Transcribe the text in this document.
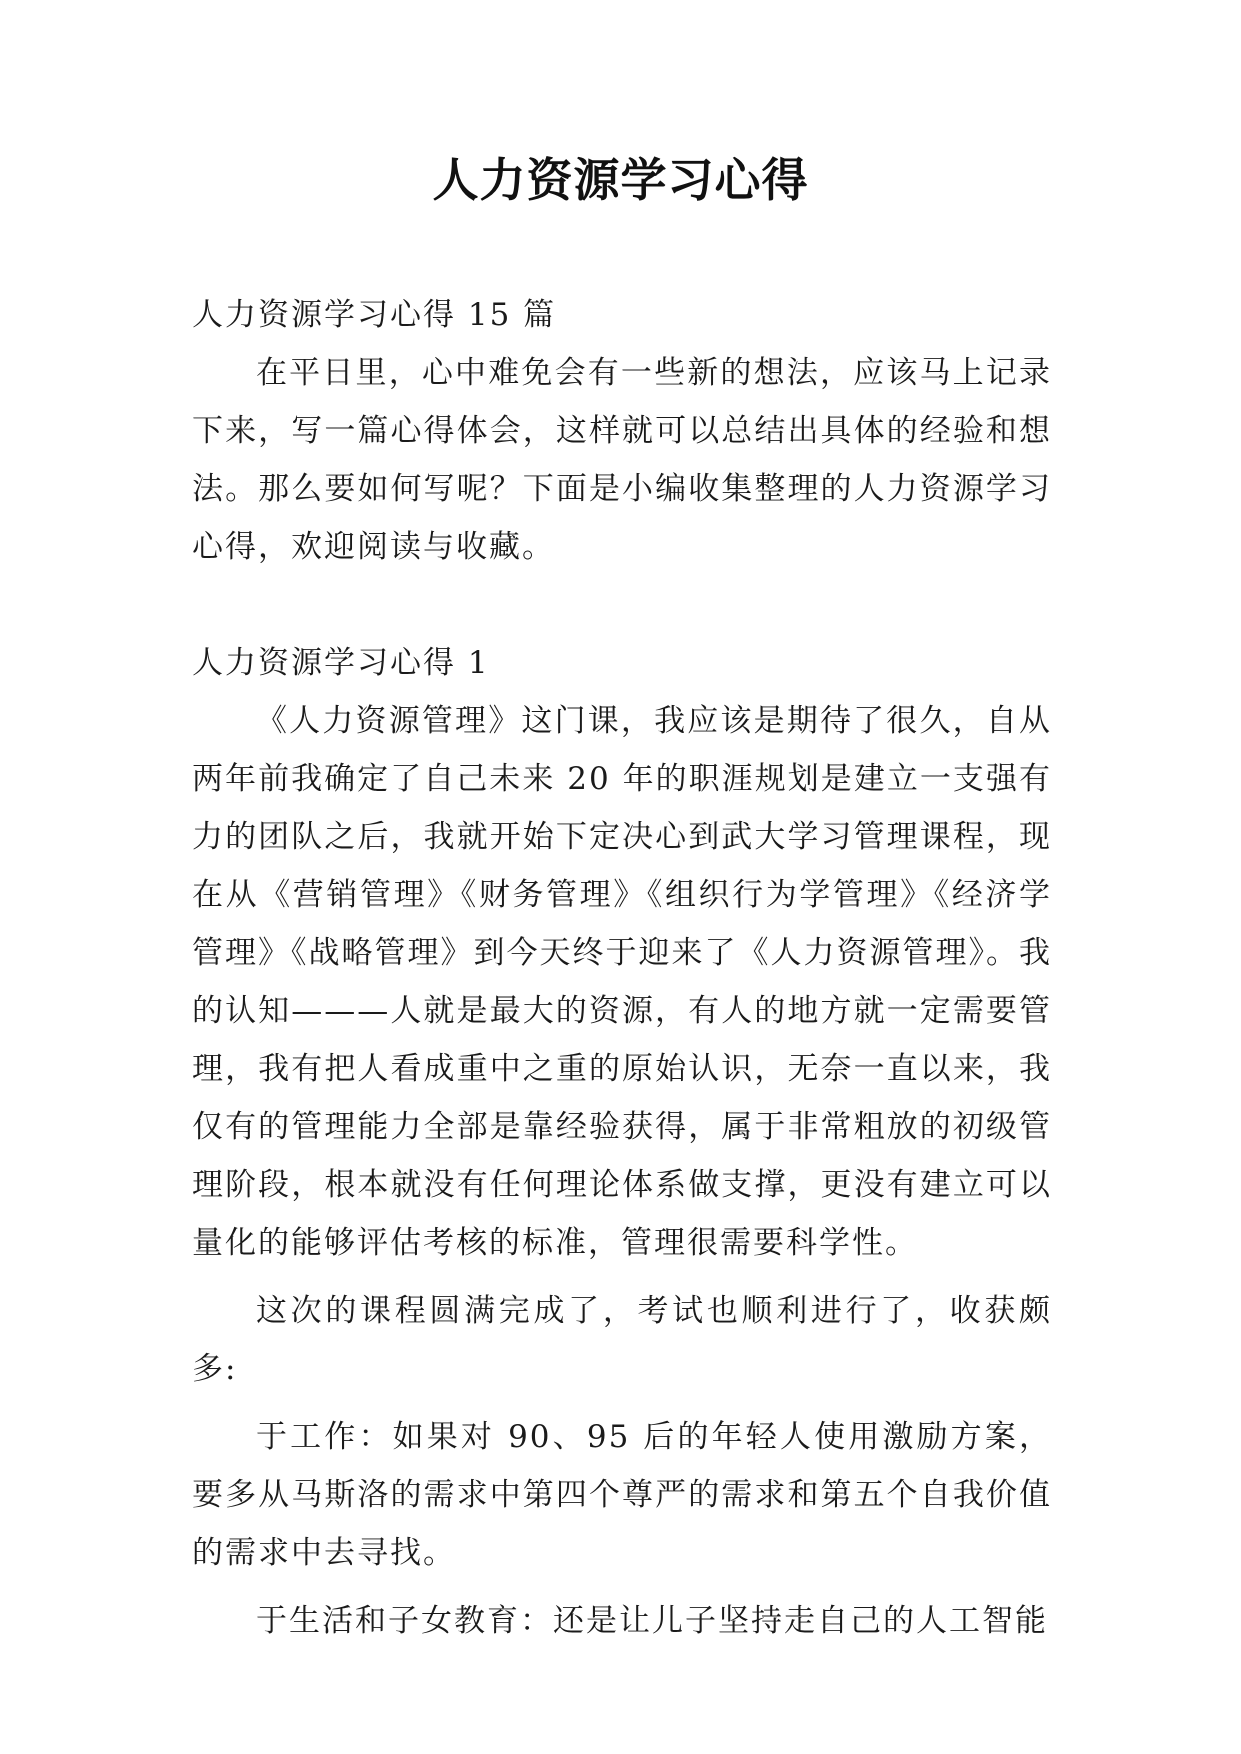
人力资源学习心得

人力资源学习心得 15 篇

在平日里，心中难免会有一些新的想法，应该马上记录下来，写一篇心得体会，这样就可以总结出具体的经验和想法。那么要如何写呢？下面是小编收集整理的人力资源学习心得，欢迎阅读与收藏。

人力资源学习心得 1

《人力资源管理》这门课，我应该是期待了很久，自从两年前我确定了自己未来 20 年的职涯规划是建立一支强有力的团队之后，我就开始下定决心到武大学习管理课程，现在从《营销管理》《财务管理》《组织行为学管理》《经济学管理》《战略管理》到今天终于迎来了《人力资源管理》。我的认知———人就是最大的资源，有人的地方就一定需要管理，我有把人看成重中之重的原始认识，无奈一直以来，我仅有的管理能力全部是靠经验获得，属于非常粗放的初级管理阶段，根本就没有任何理论体系做支撑，更没有建立可以量化的能够评估考核的标准，管理很需要科学性。

这次的课程圆满完成了，考试也顺利进行了，收获颇多:

于工作：如果对 90、95 后的年轻人使用激励方案，要多从马斯洛的需求中第四个尊严的需求和第五个自我价值的需求中去寻找。

于生活和子女教育：还是让儿子坚持走自己的人工智能
